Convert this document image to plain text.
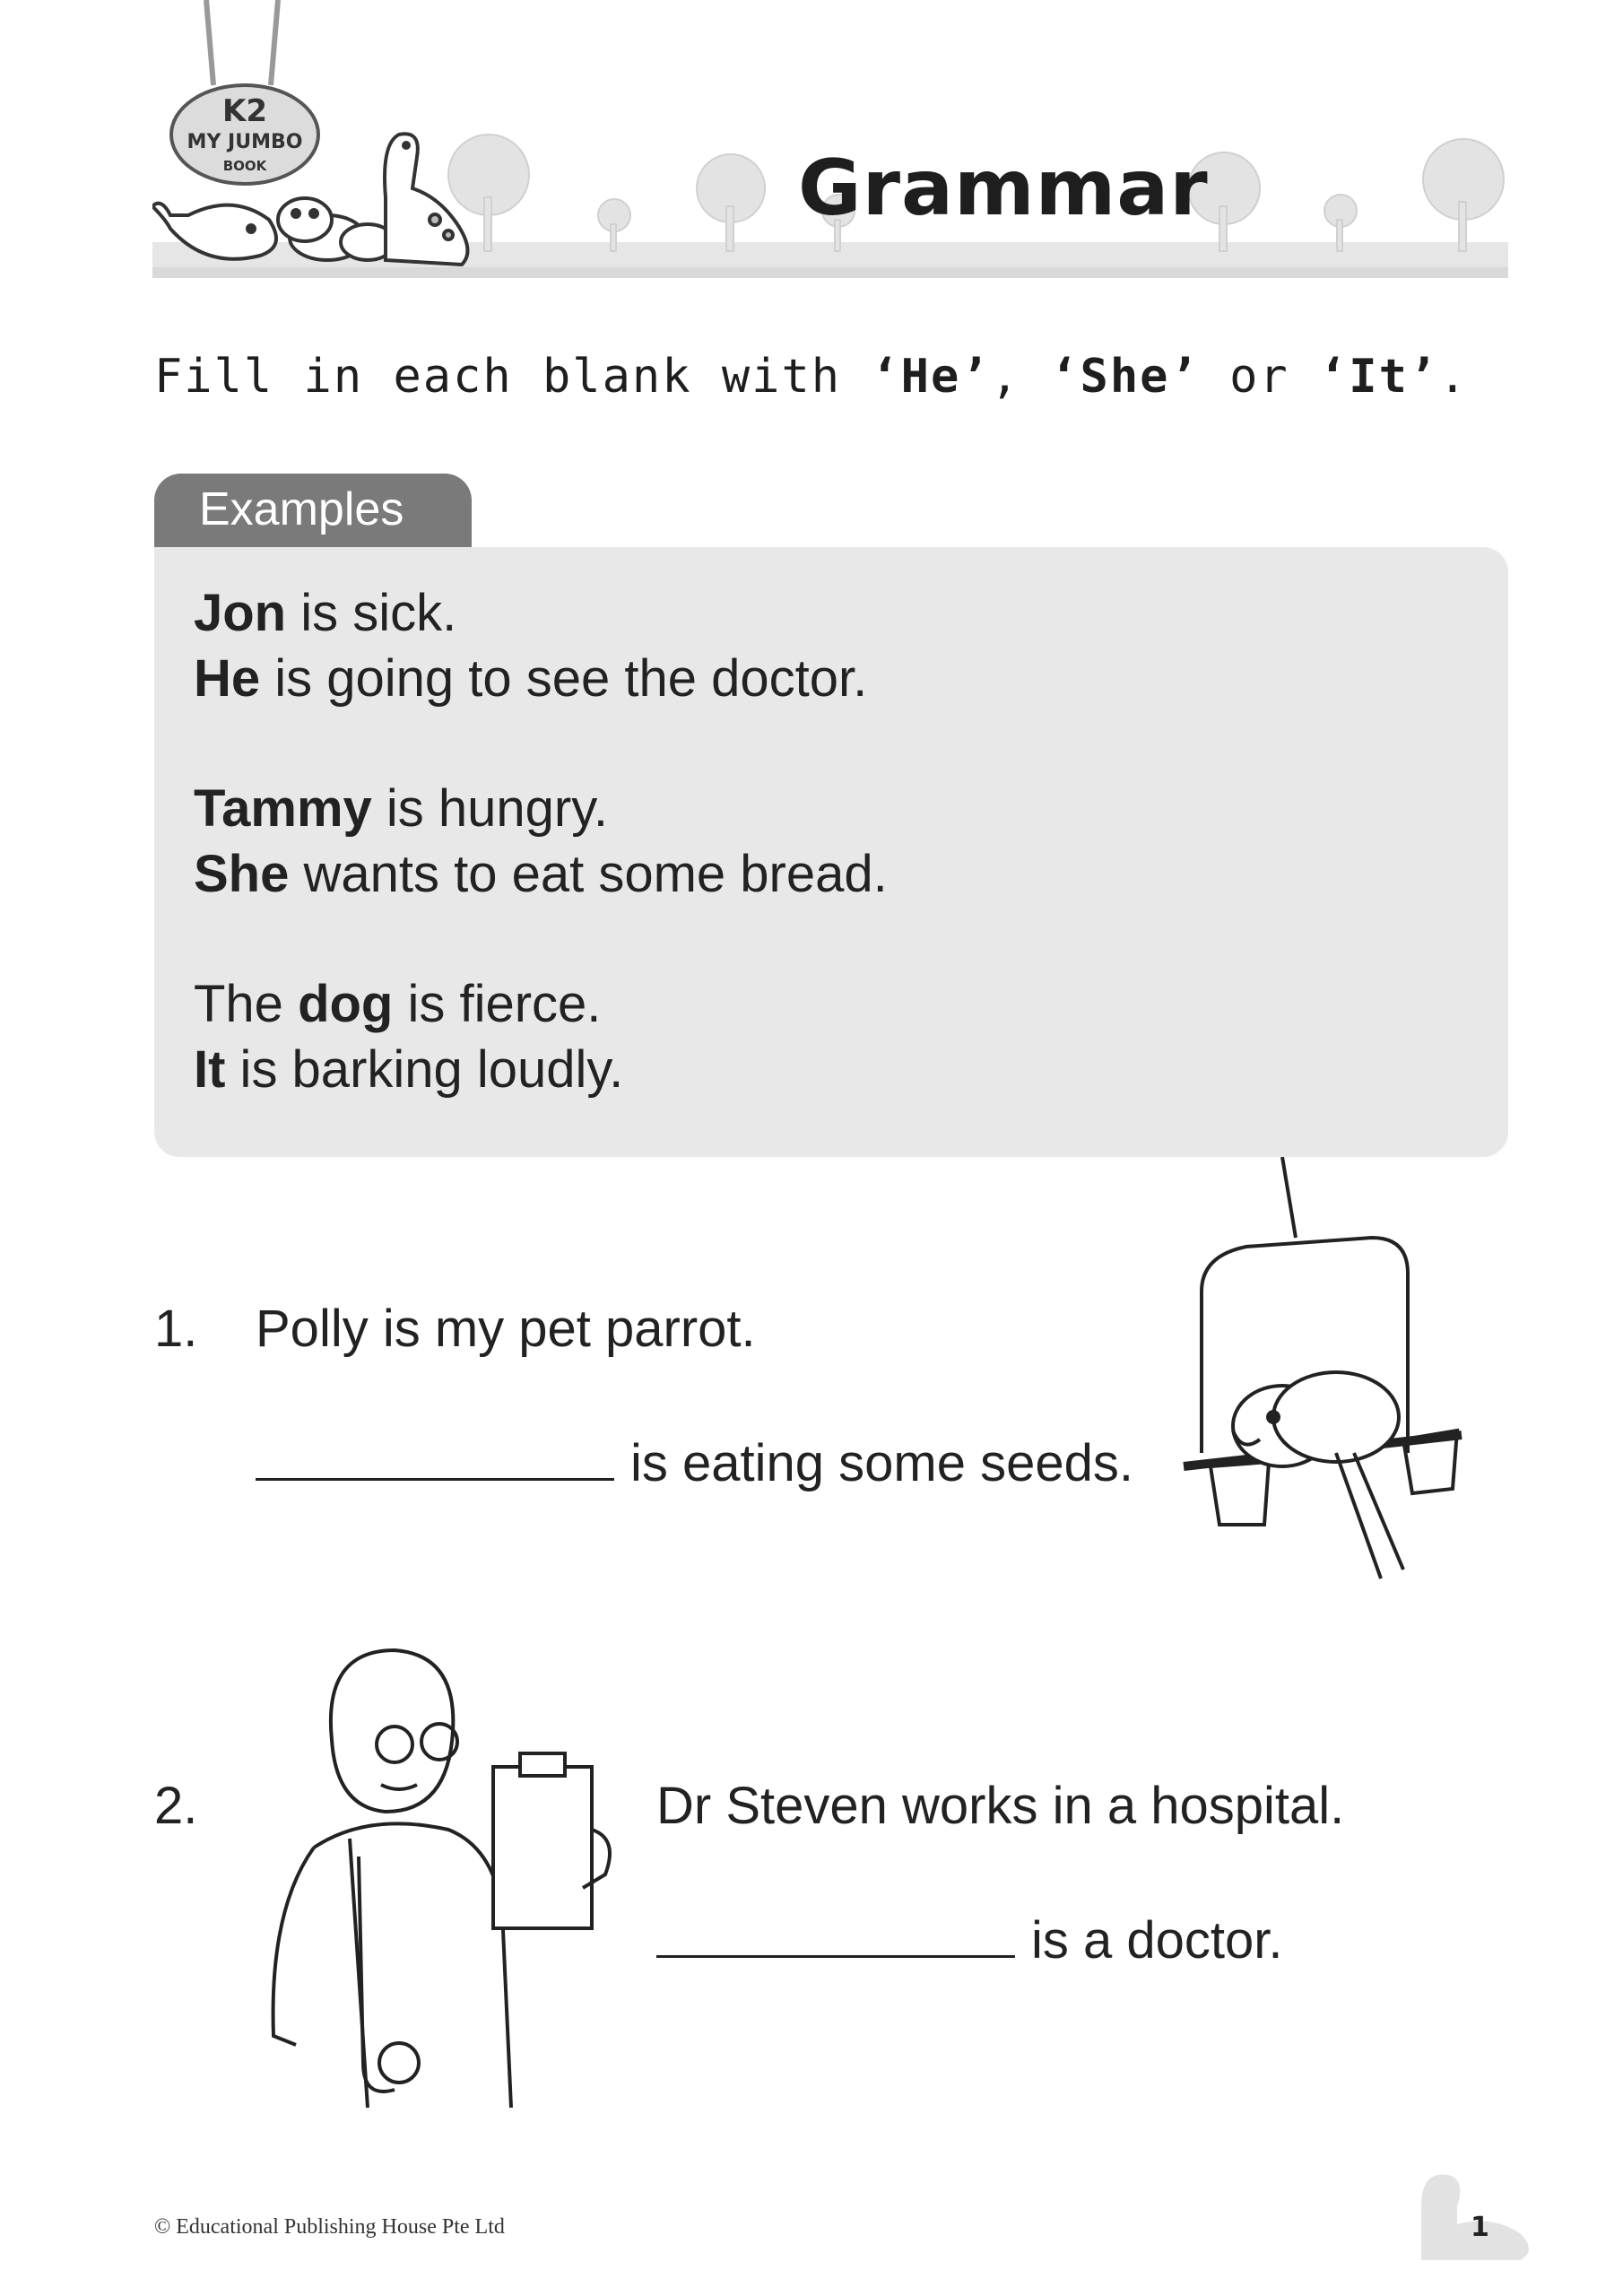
K2
MY JUMBO
BOOK	Grammar
Fill in each blank with ‘He’, ‘She’ or ‘It’.
Examples
Jon is sick.
He is going to see the doctor.
Tammy is hungry.
She wants to eat some bread.
The dog is fierce.
It is barking loudly.
1. Polly is my pet parrot.
is eating some seeds.
2.	Dr Steven works in a hospital.
is a doctor.
© Educational Publishing House Pte Ltd	1
